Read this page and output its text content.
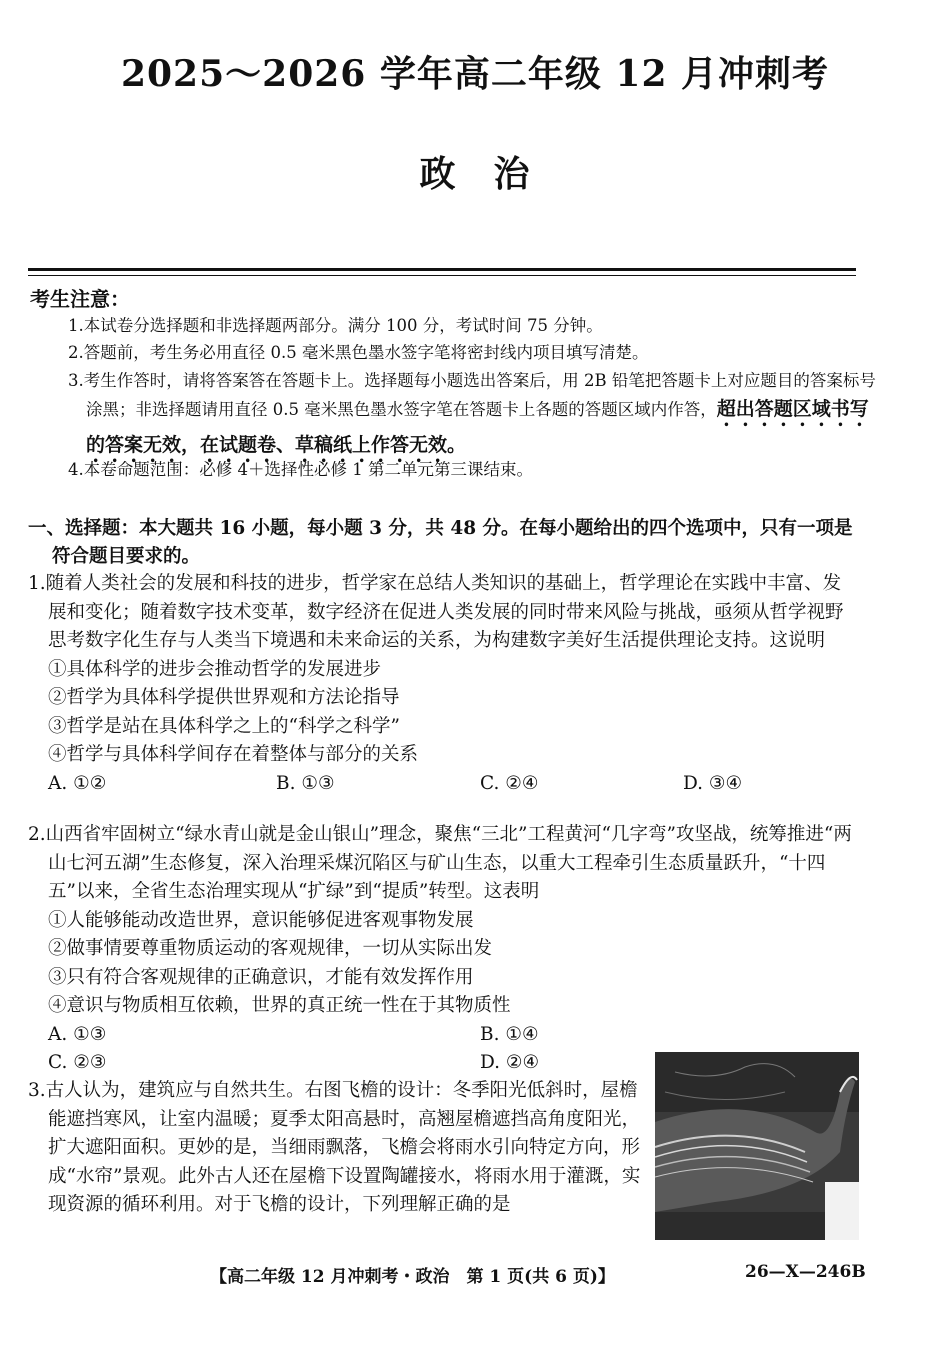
2025～2026 学年高二年级 12 月冲刺考
政　治
考生注意：
1.本试卷分选择题和非选择题两部分。满分 100 分，考试时间 75 分钟。
2.答题前，考生务必用直径 0.5 毫米黑色墨水签字笔将密封线内项目填写清楚。
3.考生作答时，请将答案答在答题卡上。选择题每小题选出答案后，用 2B 铅笔把答题卡上对应题目的答案标号涂黑；非选择题请用直径 0.5 毫米黑色墨水签字笔在答题卡上各题的答题区域内作答，超出答题区域书写的答案无效，在试题卷、草稿纸上作答无效。
4.本卷命题范围：必修 4＋选择性必修 1 第二单元第三课结束。
一、选择题：本大题共 16 小题，每小题 3 分，共 48 分。在每小题给出的四个选项中，只有一项是
符合题目要求的。
1.随着人类社会的发展和科技的进步，哲学家在总结人类知识的基础上，哲学理论在实践中丰富、发展和变化；随着数字技术变革，数字经济在促进人类发展的同时带来风险与挑战，亟须从哲学视野思考数字化生存与人类当下境遇和未来命运的关系，为构建数字美好生活提供理论支持。这说明
①具体科学的进步会推动哲学的发展进步
②哲学为具体科学提供世界观和方法论指导
③哲学是站在具体科学之上的“科学之科学”
④哲学与具体科学间存在着整体与部分的关系
A. ①②	B. ①③	C. ②④	D. ③④
2.山西省牢固树立“绿水青山就是金山银山”理念，聚焦“三北”工程黄河“几字弯”攻坚战，统筹推进“两山七河五湖”生态修复，深入治理采煤沉陷区与矿山生态，以重大工程牵引生态质量跃升，“十四五”以来，全省生态治理实现从“扩绿”到“提质”转型。这表明
①人能够能动改造世界，意识能够促进客观事物发展
②做事情要尊重物质运动的客观规律，一切从实际出发
③只有符合客观规律的正确意识，才能有效发挥作用
④意识与物质相互依赖，世界的真正统一性在于其物质性
A. ①③	B. ①④
C. ②③	D. ②④
3.古人认为，建筑应与自然共生。右图飞檐的设计：冬季阳光低斜时，屋檐能遮挡寒风，让室内温暖；夏季太阳高悬时，高翘屋檐遮挡高角度阳光，扩大遮阳面积。更妙的是，当细雨飘落，飞檐会将雨水引向特定方向，形成“水帘”景观。此外古人还在屋檐下设置陶罐接水，将雨水用于灌溉，实现资源的循环利用。对于飞檐的设计，下列理解正确的是
【高二年级 12 月冲刺考・政治　第 1 页(共 6 页)】	26—X—246B
